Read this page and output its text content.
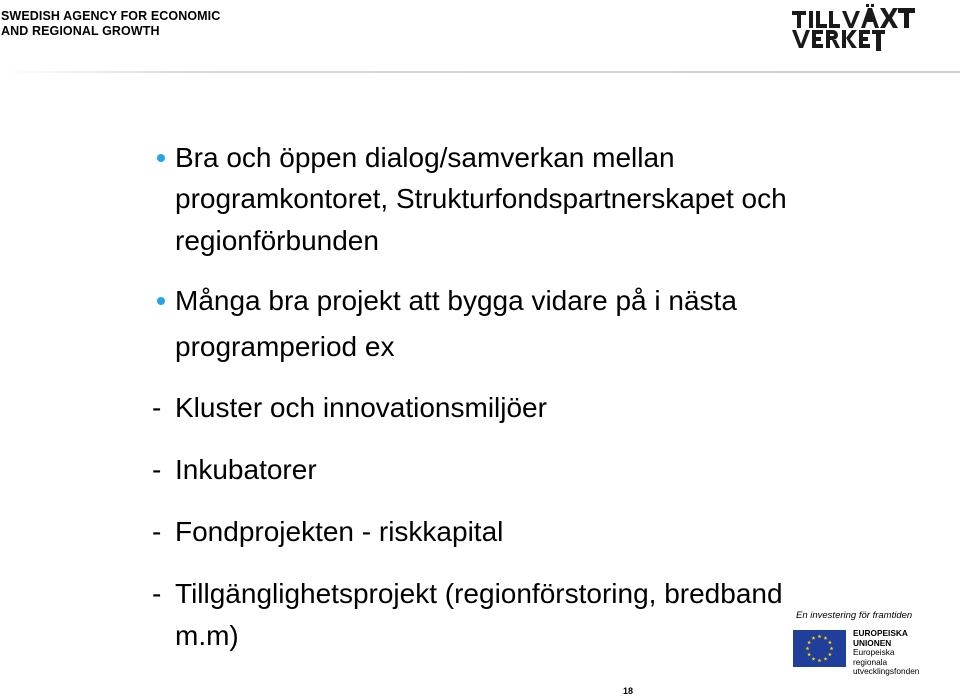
SWEDISH AGENCY FOR ECONOMIC
AND REGIONAL GROWTH
Bra och öppen dialog/samverkan mellan
programkontoret, Strukturfondspartnerskapet och
regionförbunden
Många bra projekt att bygga vidare på i nästa
programperiod ex
- Kluster och innovationsmiljöer
- Inkubatorer
- Fondprojekten - riskkapital
- Tillgänglighetsprojekt (regionförstoring, bredband
m.m)
En investering för framtiden
EUROPEISKA
UNIONEN
Europeiska
regionala
utvecklingsfonden
18
